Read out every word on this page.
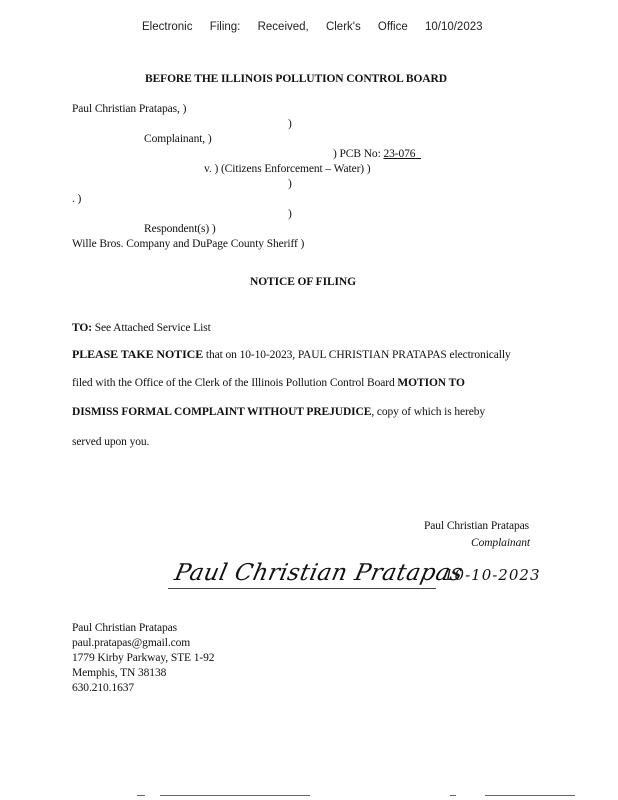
Electronic Filing: Received, Clerk's Office 10/10/2023
BEFORE THE ILLINOIS POLLUTION CONTROL BOARD
Paul Christian Pratapas, )
)
Complainant, )
) PCB No: 23-076
v. ) (Citizens Enforcement – Water) )
)
. )
)
Respondent(s) )
Wille Bros. Company and DuPage County Sheriff )
NOTICE OF FILING
TO: See Attached Service List
PLEASE TAKE NOTICE that on 10-10-2023, PAUL CHRISTIAN PRATAPAS electronically
filed with the Office of the Clerk of the Illinois Pollution Control Board MOTION TO
DISMISS FORMAL COMPLAINT WITHOUT PREJUDICE, copy of which is hereby
served upon you.
Paul Christian Pratapas
Complainant
Paul Christian Pratapas
10-10-2023
Paul Christian Pratapas
paul.pratapas@gmail.com
1779 Kirby Parkway, STE 1-92
Memphis, TN 38138
630.210.1637
